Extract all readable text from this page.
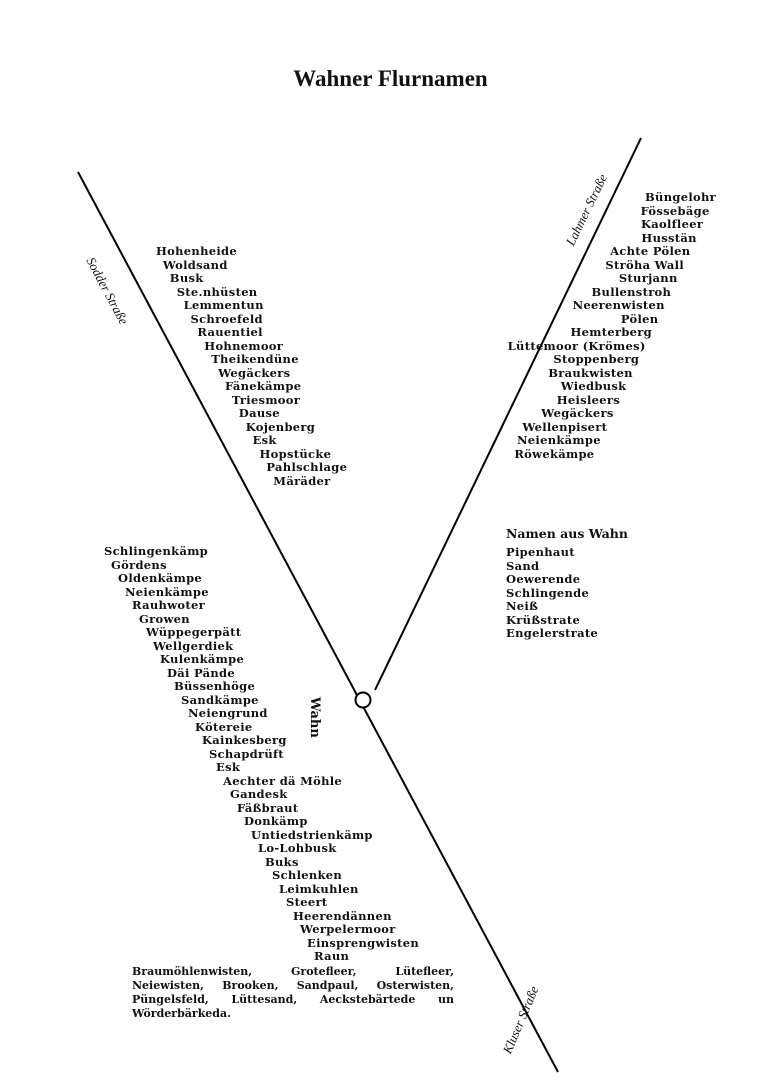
Wahner Flurnamen
Sodder Straße
Lahmer Straße
Kluser Straße
Wahn
Hohenheide
Woldsand
Busk
Ste.nhüsten
Lemmentun
Schroefeld
Rauentiel
Hohnemoor
Theikendüne
Wegäckers
Fänekämpe
Triesmoor
Dause
Kojenberg
Esk
Hopstücke
Pahlschlage
Märäder
Büngelohr
Fössebäge
Kaolfleer
Husstän
Achte Pölen
Ströha Wall
Sturjann
Bullenstroh
Neerenwisten
Pölen
Hemterberg
Lüttemoor (Krömes)
Stoppenberg
Braukwisten
Wiedbusk
Heisleers
Wegäckers
Wellenpisert
Neienkämpe
Röwekämpe
Namen aus Wahn
Pipenhaut
Sand
Oewerende
Schlingende
Neiß
Krüßstrate
Engelerstrate
Schlingenkämp
Gördens
Oldenkämpe
Neienkämpe
Rauhwoter
Growen
Wüppegerpätt
Wellgerdiek
Kulenkämpe
Däi Pände
Büssenhöge
Sandkämpe
Neiengrund
Kötereie
Kainkesberg
Schapdrüft
Esk
Aechter dä Möhle
Gandesk
Fäßbraut
Donkämp
Untiedstrienkämp
Lo-Lohbusk
Buks
Schlenken
Leimkuhlen
Steert
Heerendännen
Werpelermoor
Einsprengwisten
Raun

Braumöhlenwisten, Grotefleer, Lütefleer, Neiewisten, Brooken, Sandpaul, Osterwisten, Püngelsfeld, Lüttesand, Aeckstebärtede un Wörderbärkeda.
